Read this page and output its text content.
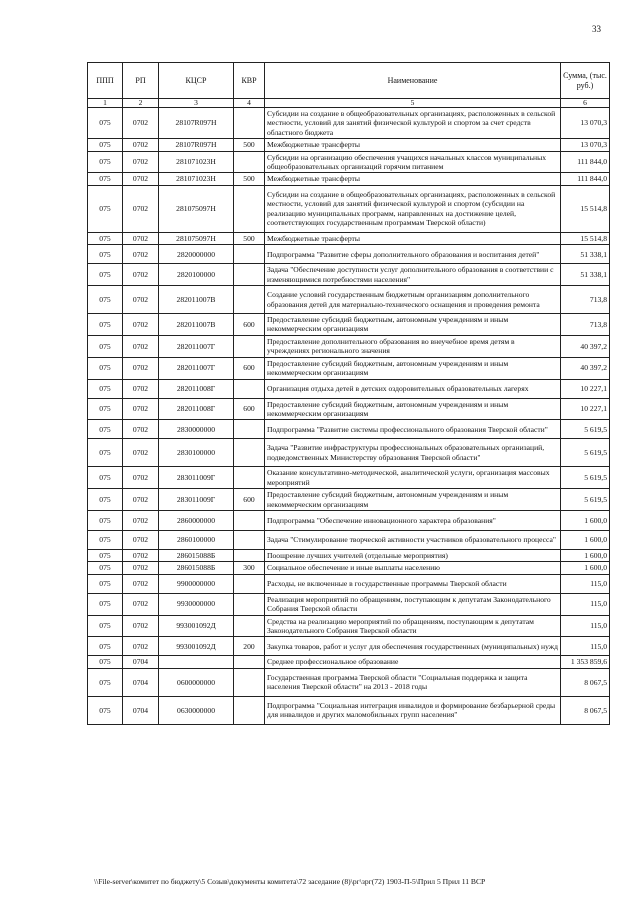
33
ППП	РП	КЦСР	КВР	Наименование	Сумма, (тыс. руб.)
1	2	3	4	5	6
075	0702	28107R097H		Субсидии на создание в общеобразовательных организациях, расположенных в сельской местности, условий для занятий физической культурой и спортом за счет средств областного бюджета	13 070,3
075	0702	28107R097H	500	Межбюджетные трансферты	13 070,3
075	0702	281071023H		Субсидии на организацию обеспечения учащихся начальных классов муниципальных общеобразовательных организаций горячим питанием	111 844,0
075	0702	281071023H	500	Межбюджетные трансферты	111 844,0
075	0702	281075097H		Субсидии на создание в общеобразовательных организациях, расположенных в сельской местности, условий для занятий физической культурой и спортом (субсидии на реализацию муниципальных программ, направленных на достижение целей, соответствующих государственным программам Тверской области)	15 514,8
075	0702	281075097H	500	Межбюджетные трансферты	15 514,8
075	0702	2820000000		Подпрограмма "Развитие сферы дополнительного образования и воспитания детей"	51 338,1
075	0702	2820100000		Задача "Обеспечение доступности услуг дополнительного образования в соответствии с изменяющимися потребностями населения"	51 338,1
075	0702	282011007B		Создание условий государственным бюджетным организациям дополнительного образования детей для материально-технического оснащения и проведения ремонта	713,8
075	0702	282011007B	600	Предоставление субсидий бюджетным, автономным учреждениям и иным некоммерческим организациям	713,8
075	0702	282011007Г		Предоставление дополнительного образования во внеучебное время детям в учреждениях регионального значения	40 397,2
075	0702	282011007Г	600	Предоставление субсидий бюджетным, автономным учреждениям и иным некоммерческим организациям	40 397,2
075	0702	282011008Г		Организация отдыха детей в детских оздоровительных образовательных лагерях	10 227,1
075	0702	282011008Г	600	Предоставление субсидий бюджетным, автономным учреждениям и иным некоммерческим организациям	10 227,1
075	0702	2830000000		Подпрограмма "Развитие системы профессионального образования Тверской области"	5 619,5
075	0702	2830100000		Задача "Развитие инфраструктуры профессиональных образовательных организаций, подведомственных Министерству образования Тверской области"	5 619,5
075	0702	283011009Г		Оказание консультативно-методической, аналитической услуги, организация массовых мероприятий	5 619,5
075	0702	283011009Г	600	Предоставление субсидий бюджетным, автономным учреждениям и иным некоммерческим организациям	5 619,5
075	0702	2860000000		Подпрограмма "Обеспечение инновационного характера образования"	1 600,0
075	0702	2860100000		Задача "Стимулирование творческой активности участников образовательного процесса"	1 600,0
075	0702	286015088Б		Поощрение лучших учителей (отдельные мероприятия)	1 600,0
075	0702	286015088Б	300	Социальное обеспечение и иные выплаты населению	1 600,0
075	0702	9900000000		Расходы, не включенные в государственные программы Тверской области	115,0
075	0702	9930000000		Реализация мероприятий по обращениям, поступающим к депутатам Законодательного Собрания Тверской области	115,0
075	0702	993001092Д		Средства на реализацию мероприятий по обращениям, поступающим к депутатам Законодательного Собрания Тверской области	115,0
075	0702	993001092Д	200	Закупка товаров, работ и услуг для обеспечения государственных (муниципальных) нужд	115,0
075	0704			Среднее профессиональное образование	1 353 859,6
075	0704	0600000000		Государственная программа Тверской области "Социальная поддержка и защита населения Тверской области" на 2013 - 2018 годы	8 067,5
075	0704	0630000000		Подпрограмма "Социальная интеграция инвалидов и формирование безбарьерной среды для инвалидов и других маломобильных групп населения"	8 067,5
\\File-server\комитет по бюджету\5 Созыв\документы комитета\72 заседание (8)\рг\зрг(72) 1903-П-5\Прил 5 Прил 11 ВСР
